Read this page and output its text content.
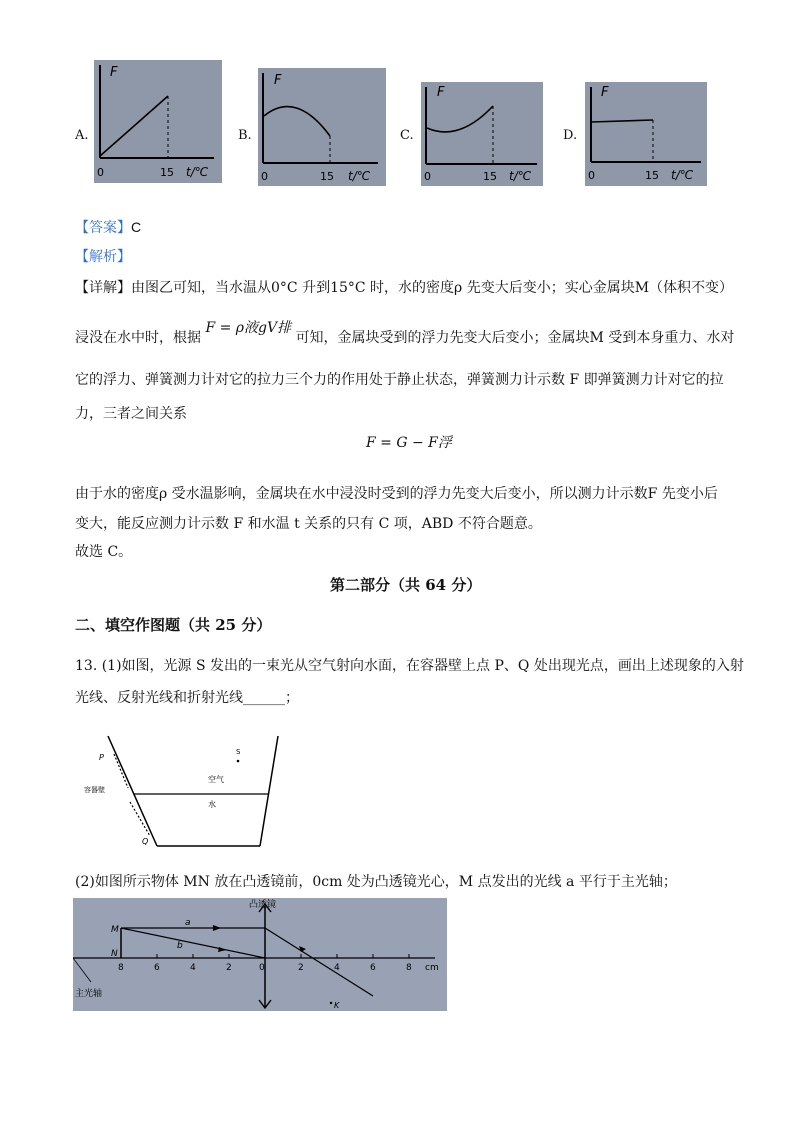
A.
F
0	15 t/℃
B.
F
0	15 t/℃
C.
F
0	15 t/℃
D.
F
0	15 t/℃
【答案】C
【解析】
【详解】由图乙可知，当水温从0°C 升到15°C 时，水的密度ρ 先变大后变小；实心金属块M（体积不变）
浸没在水中时，根据 F = ρ液gV排 可知，金属块受到的浮力先变大后变小；金属块M 受到本身重力、水对
它的浮力、弹簧测力计对它的拉力三个力的作用处于静止状态，弹簧测力计示数 F 即弹簧测力计对它的拉
力，三者之间关系
F = G − F浮
由于水的密度ρ 受水温影响，金属块在水中浸没时受到的浮力先变大后变小，所以测力计示数F 先变小后
变大，能反应测力计示数 F 和水温 t 关系的只有 C 项，ABD 不符合题意。
故选 C。
第二部分（共 64 分）
二、填空作图题（共 25 分）
13. (1)如图，光源 S 发出的一束光从空气射向水面，在容器壁上点 P、Q 处出现光点，画出上述现象的入射
光线、反射光线和折射光线______；
P
S
空气
容器壁
水
Q
(2)如图所示物体 MN 放在凸透镜前，0cm 处为凸透镜光心，M 点发出的光线 a 平行于主光轴；
8	6	4	2	0	2	4	6	8 cm
凸透镜
M
N
a
b
K
主光轴
